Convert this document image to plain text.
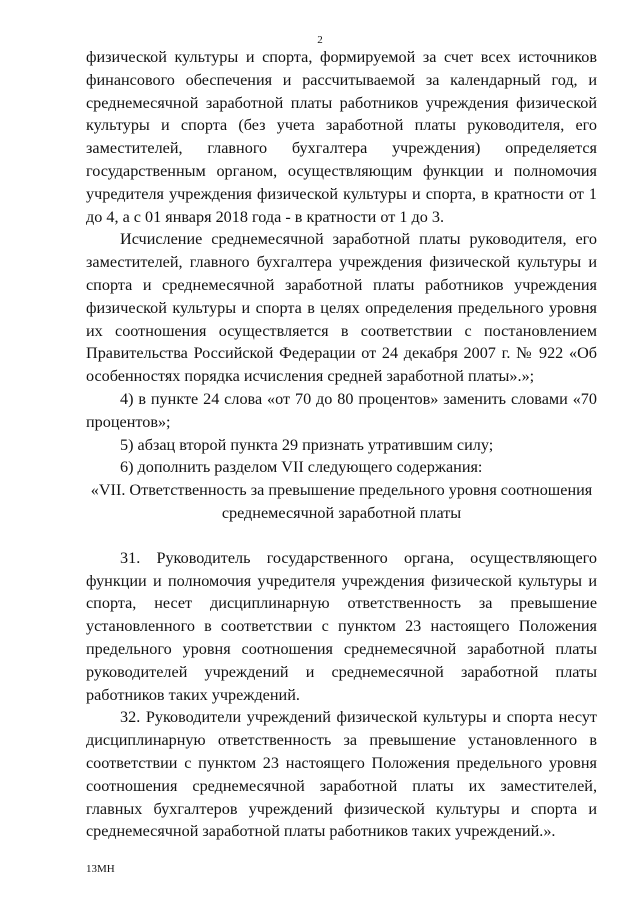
2

физической культуры и спорта, формируемой за счет всех источников финансового обеспечения и рассчитываемой за календарный год, и среднемесячной заработной платы работников учреждения физической культуры и спорта (без учета заработной платы руководителя, его заместителей, главного бухгалтера учреждения) определяется государственным органом, осуществляющим функции и полномочия учредителя учреждения физической культуры и спорта, в кратности от 1 до 4, а с 01 января 2018 года - в кратности от 1 до 3.

Исчисление среднемесячной заработной платы руководителя, его заместителей, главного бухгалтера учреждения физической культуры и спорта и среднемесячной заработной платы работников учреждения физической культуры и спорта в целях определения предельного уровня их соотношения осуществляется в соответствии с постановлением Правительства Российской Федерации от 24 декабря 2007 г. № 922 «Об особенностях порядка исчисления средней заработной платы».»;

4) в пункте 24 слова «от 70 до 80 процентов» заменить словами «70 процентов»;

5) абзац второй пункта 29 признать утратившим силу;

6) дополнить разделом VII следующего содержания:

«VII. Ответственность за превышение предельного уровня соотношения

среднемесячной заработной платы

31. Руководитель государственного органа, осуществляющего функции и полномочия учредителя учреждения физической культуры и спорта, несет дисциплинарную ответственность за превышение установленного в соответствии с пунктом 23 настоящего Положения предельного уровня соотношения среднемесячной заработной платы руководителей учреждений и среднемесячной заработной платы работников таких учреждений.

32. Руководители учреждений физической культуры и спорта несут дисциплинарную ответственность за превышение установленного в соответствии с пунктом 23 настоящего Положения предельного уровня соотношения среднемесячной заработной платы их заместителей, главных бухгалтеров учреждений физической культуры и спорта и среднемесячной заработной платы работников таких учреждений.».

13МН
